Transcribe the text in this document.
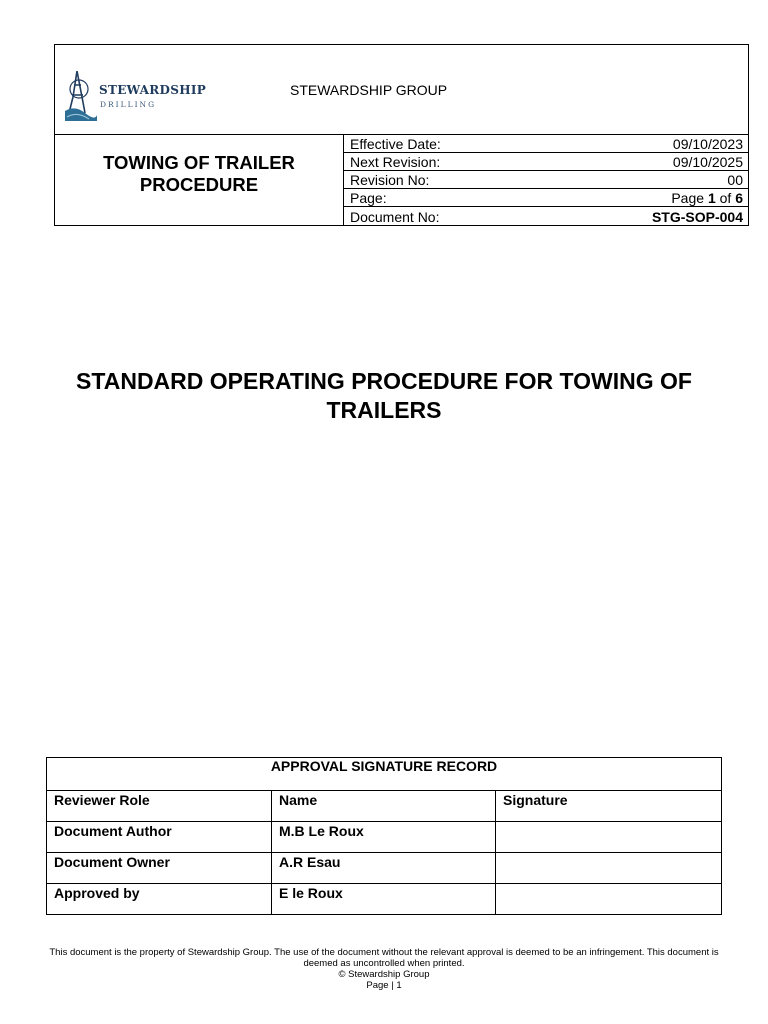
STEWARDSHIP
DRILLING
STEWARDSHIP GROUP
TOWING OF TRAILER PROCEDURE
Effective Date:	09/10/2023
Next Revision:	09/10/2025
Revision No:	00
Page:	Page 1 of 6
Document No:	STG-SOP-004
STANDARD OPERATING PROCEDURE FOR TOWING OF TRAILERS
APPROVAL SIGNATURE RECORD		
Reviewer Role	Name	Signature
Document Author	M.B Le Roux	
Document Owner	A.R Esau	
Approved by	E le Roux	
This document is the property of Stewardship Group. The use of the document without the relevant approval is deemed to be an infringement. This document is deemed as uncontrolled when printed.
© Stewardship Group
Page | 1
